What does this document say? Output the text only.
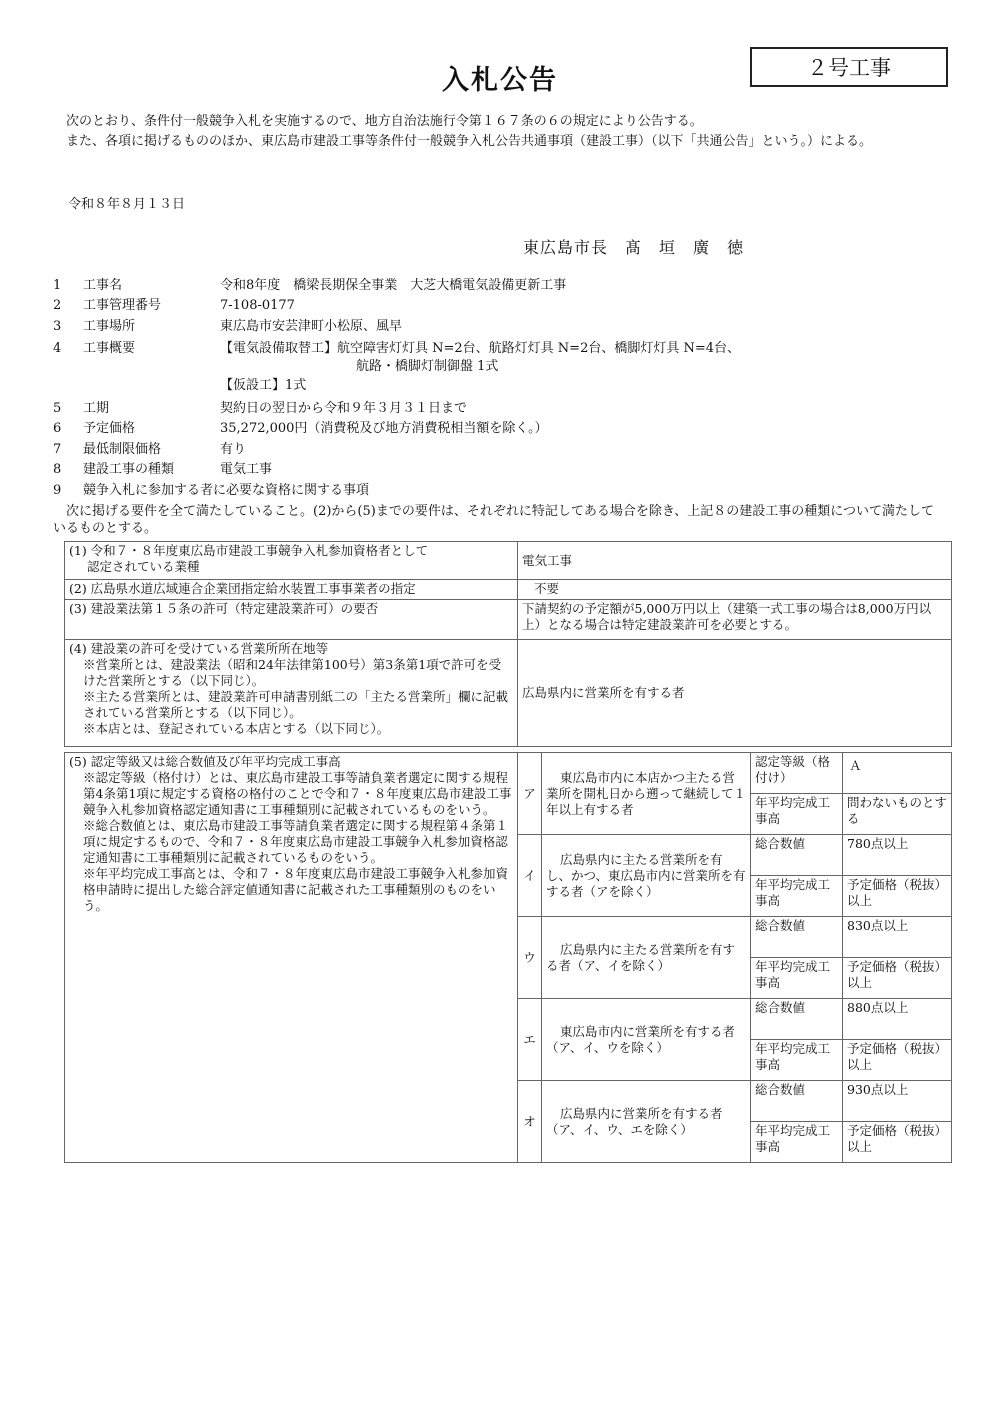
入札公告	２号工事
次のとおり、条件付一般競争入札を実施するので、地方自治法施行令第１６７条の６の規定により公告する。
また、各項に掲げるもののほか、東広島市建設工事等条件付一般競争入札公告共通事項（建設工事）（以下「共通公告」という。）による。
令和８年８月１３日
東広島市長　髙　垣　廣　徳
1	工事名	令和8年度　橋梁長期保全事業　大芝大橋電気設備更新工事
2	工事管理番号	7-108-0177
3	工事場所	東広島市安芸津町小松原、風早
4	工事概要	【電気設備取替工】航空障害灯灯具 N=2台、航路灯灯具 N=2台、橋脚灯灯具 N=4台、
航路・橋脚灯制御盤 1式
【仮設工】1式
5	工期	契約日の翌日から令和９年３月３１日まで
6	予定価格	35,272,000円（消費税及び地方消費税相当額を除く。）
7	最低制限価格	有り
8	建設工事の種類	電気工事
9	競争入札に参加する者に必要な資格に関する事項
次に掲げる要件を全て満たしていること。(2)から(5)までの要件は、それぞれに特記してある場合を除き、上記８の建設工事の種類について満たしているものとする。
(1) 令和７・８年度東広島市建設工事競争入札参加資格者として
認定されている業種	電気工事
(2) 広島県水道広域連合企業団指定給水装置工事事業者の指定	不要
(3) 建設業法第１５条の許可（特定建設業許可）の要否	下請契約の予定額が5,000万円以上（建築一式工事の場合は8,000万円以上）となる場合は特定建設業許可を必要とする。
(4) 建設業の許可を受けている営業所所在地等
※営業所とは、建設業法（昭和24年法律第100号）第3条第1項で許可を受けた営業所とする（以下同じ）。
※主たる営業所とは、建設業許可申請書別紙二の「主たる営業所」欄に記載されている営業所とする（以下同じ）。
※本店とは、登記されている本店とする（以下同じ）。	広島県内に営業所を有する者
(5) 認定等級又は総合数値及び年平均完成工事高
※認定等級（格付け）とは、東広島市建設工事等請負業者選定に関する規程第4条第1項に規定する資格の格付のことで令和７・８年度東広島市建設工事競争入札参加資格認定通知書に工事種類別に記載されているものをいう。
※総合数値とは、東広島市建設工事等請負業者選定に関する規程第４条第１項に規定するもので、令和７・８年度東広島市建設工事競争入札参加資格認定通知書に工事種類別に記載されているものをいう。
※年平均完成工事高とは、令和７・８年度東広島市建設工事競争入札参加資格申請時に提出した総合評定値通知書に記載された工事種類別のものをいう。	ア	東広島市内に本店かつ主たる営業所を開札日から遡って継続して１年以上有する者	認定等級（格付け）	Ａ
			年平均完成工事高	問わないものとする
	イ	広島県内に主たる営業所を有し、かつ、東広島市内に営業所を有する者（アを除く）	総合数値	780点以上
			年平均完成工事高	予定価格（税抜）以上
	ウ	広島県内に主たる営業所を有する者（ア、イを除く）	総合数値	830点以上
			年平均完成工事高	予定価格（税抜）以上
	エ	東広島市内に営業所を有する者（ア、イ、ウを除く）	総合数値	880点以上
			年平均完成工事高	予定価格（税抜）以上
	オ	広島県内に営業所を有する者（ア、イ、ウ、エを除く）	総合数値	930点以上
			年平均完成工事高	予定価格（税抜）以上
